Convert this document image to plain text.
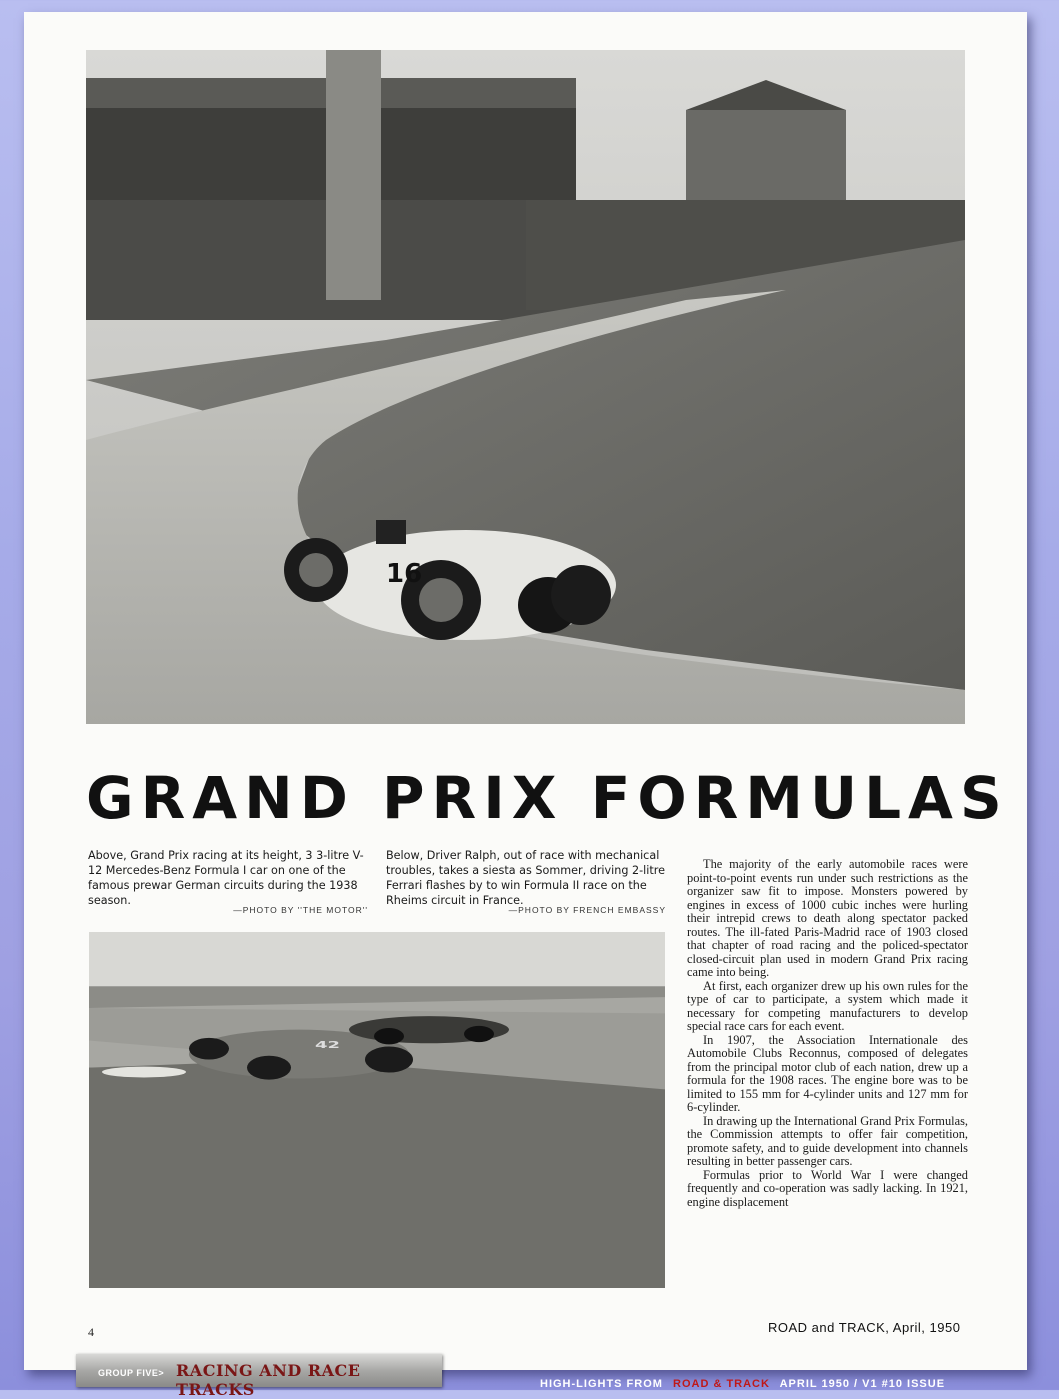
16
GRAND PRIX FORMULAS
Above, Grand Prix racing at its height, 3 3-litre V-12 Mercedes-Benz Formula I car on one of the famous prewar German circuits during the 1938 season.
—PHOTO BY ''THE MOTOR''
Below, Driver Ralph, out of race with mechanical troubles, takes a siesta as Sommer, driving 2-litre Ferrari flashes by to win Formula II race on the Rheims circuit in France.
—PHOTO BY FRENCH EMBASSY
42

The majority of the early automobile races were point-to-point events run under such restrictions as the organizer saw fit to impose. Monsters powered by engines in excess of 1000 cubic inches were hurling their intrepid crews to death along spectator packed routes. The ill-fated Paris-Madrid race of 1903 closed that chapter of road racing and the policed-spectator closed-circuit plan used in modern Grand Prix racing came into being.

At first, each organizer drew up his own rules for the type of car to participate, a system which made it necessary for competing manufacturers to develop special race cars for each event.

In 1907, the Association Internationale des Automobile Clubs Reconnus, composed of delegates from the principal motor club of each nation, drew up a formula for the 1908 races. The engine bore was to be limited to 155 mm for 4-cylinder units and 127 mm for 6-cylinder.

In drawing up the International Grand Prix Formulas, the Commission attempts to offer fair competition, promote safety, and to guide development into channels resulting in better passenger cars.

Formulas prior to World War I were changed frequently and co-operation was sadly lacking. In 1921, engine displacement

4	ROAD and TRACK, April, 1950
GROUP FIVE> RACING AND RACE TRACKS	HIGH-LIGHTS FROM ROAD & TRACK APRIL 1950 / V1 #10 ISSUE
